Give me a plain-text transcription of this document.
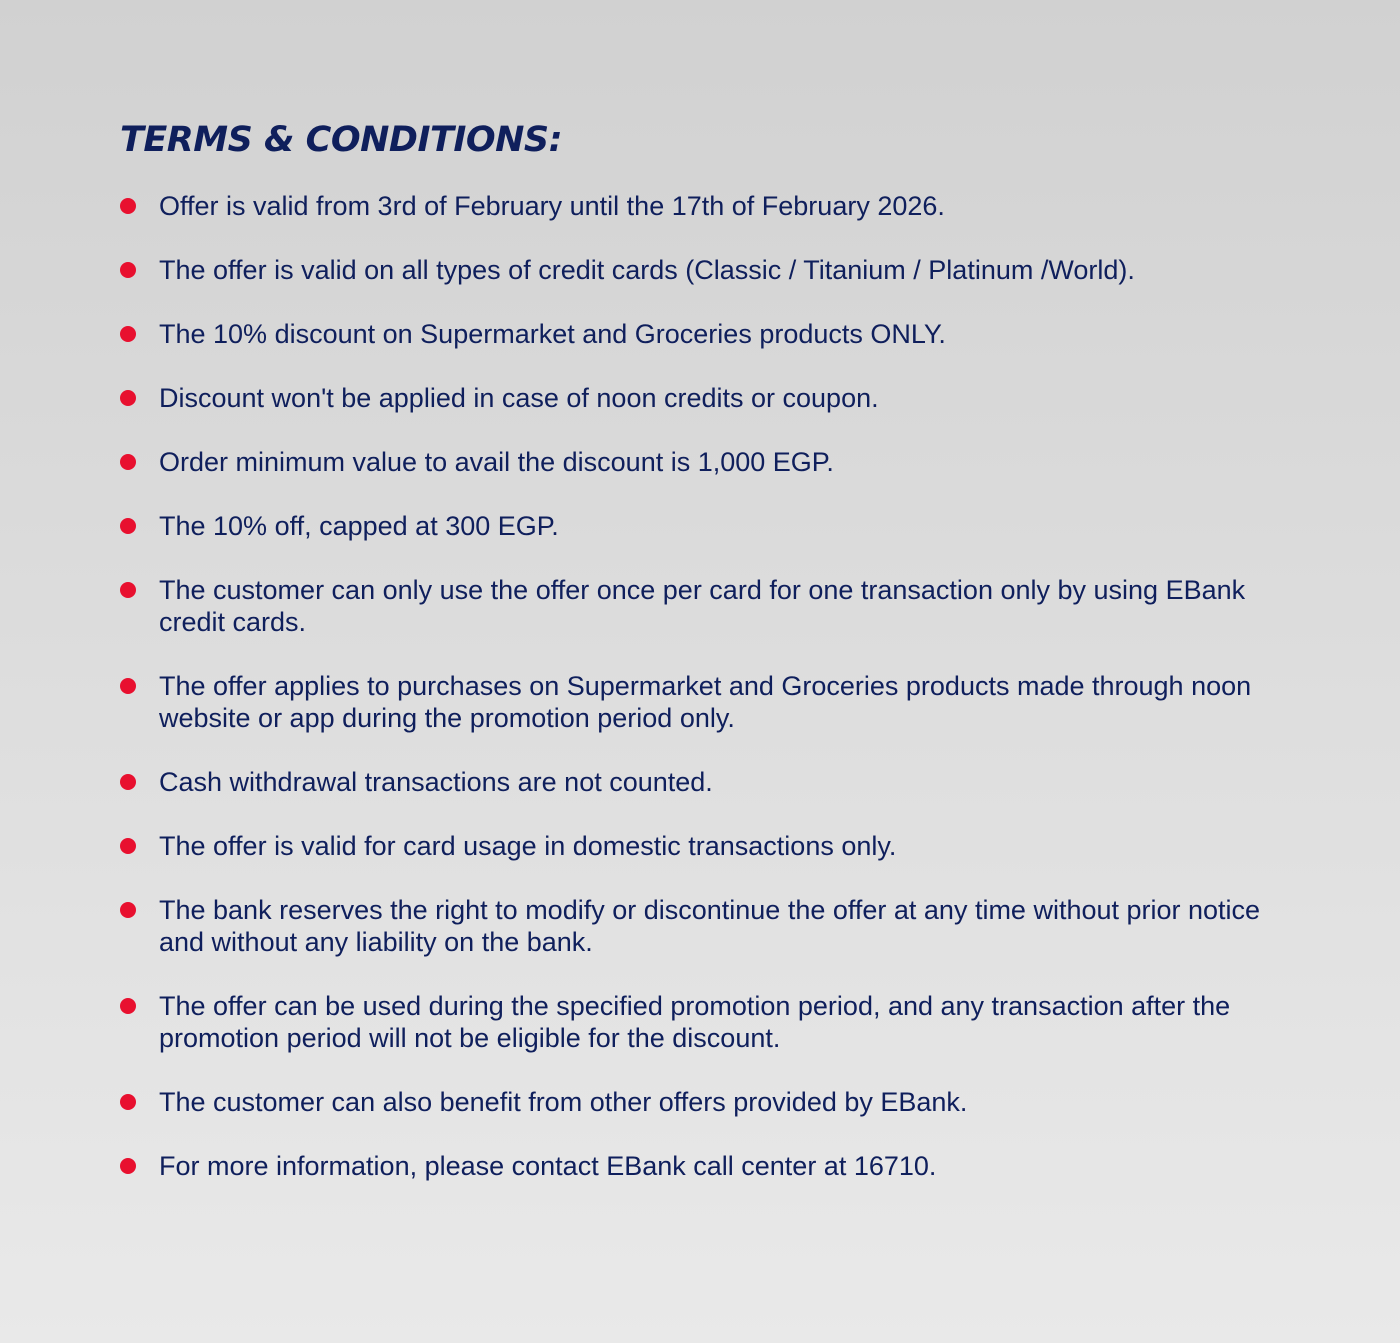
TERMS & CONDITIONS:
Offer is valid from 3rd of February until the 17th of February 2026.
The offer is valid on all types of credit cards (Classic / Titanium / Platinum /World).
The 10% discount on Supermarket and Groceries products ONLY.
Discount won't be applied in case of noon credits or coupon.
Order minimum value to avail the discount is 1,000 EGP.
The 10% off, capped at 300 EGP.
The customer can only use the offer once per card for one transaction only by using EBank credit cards.
The offer applies to purchases on Supermarket and Groceries products made through noon website or app during the promotion period only.
Cash withdrawal transactions are not counted.
The offer is valid for card usage in domestic transactions only.
The bank reserves the right to modify or discontinue the offer at any time without prior notice and without any liability on the bank.
The offer can be used during the specified promotion period, and any transaction after the promotion period will not be eligible for the discount.
The customer can also benefit from other offers provided by EBank.
For more information, please contact EBank call center at 16710.
